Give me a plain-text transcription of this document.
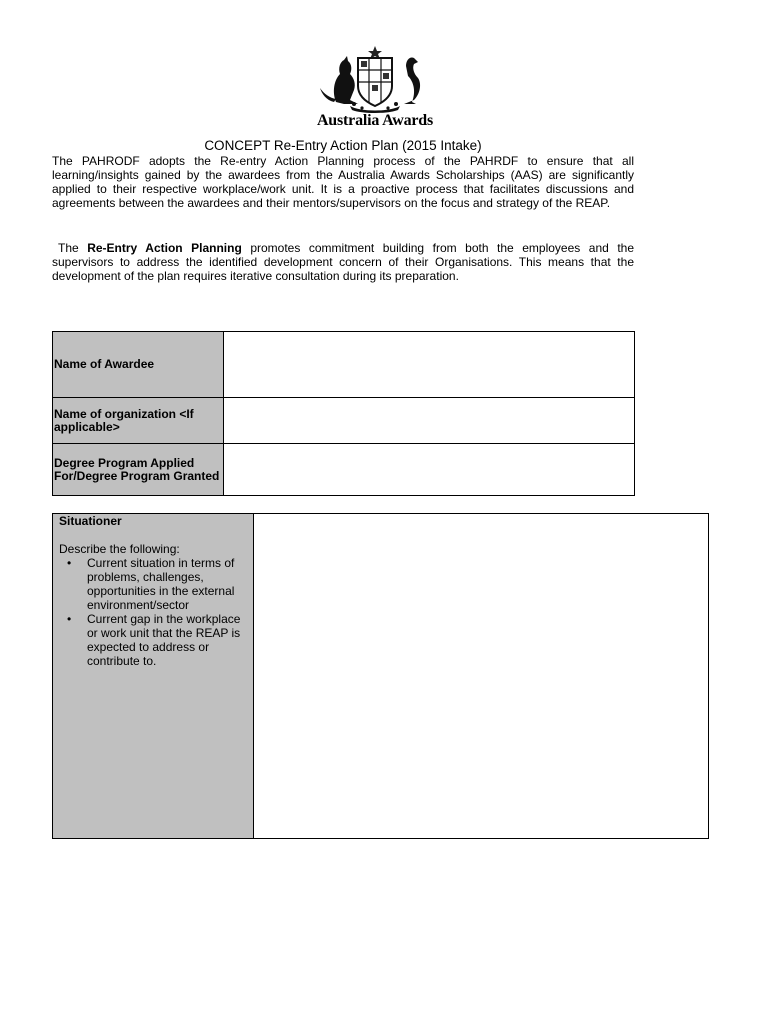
Australia Awards
CONCEPT Re-Entry Action Plan (2015 Intake)

The PAHRODF adopts the Re-entry Action Planning process of the PAHRDF to ensure that all learning/insights gained by the awardees from the Australia Awards Scholarships (AAS) are significantly applied to their respective workplace/work unit. It is a proactive process that facilitates discussions and agreements between the awardees and their mentors/supervisors on the focus and strategy of the REAP.

The Re-Entry Action Planning promotes commitment building from both the employees and the supervisors to address the identified development concern of their Organisations. This means that the development of the plan requires iterative consultation during its preparation.

Name of Awardee	
Name of organization <If applicable>	
Degree Program Applied For/Degree Program Granted	
Situationer
Describe the following:
• Current situation in terms of problems, challenges, opportunities in the external environment/sector
• Current gap in the workplace or work unit that the REAP is expected to address or contribute to.
